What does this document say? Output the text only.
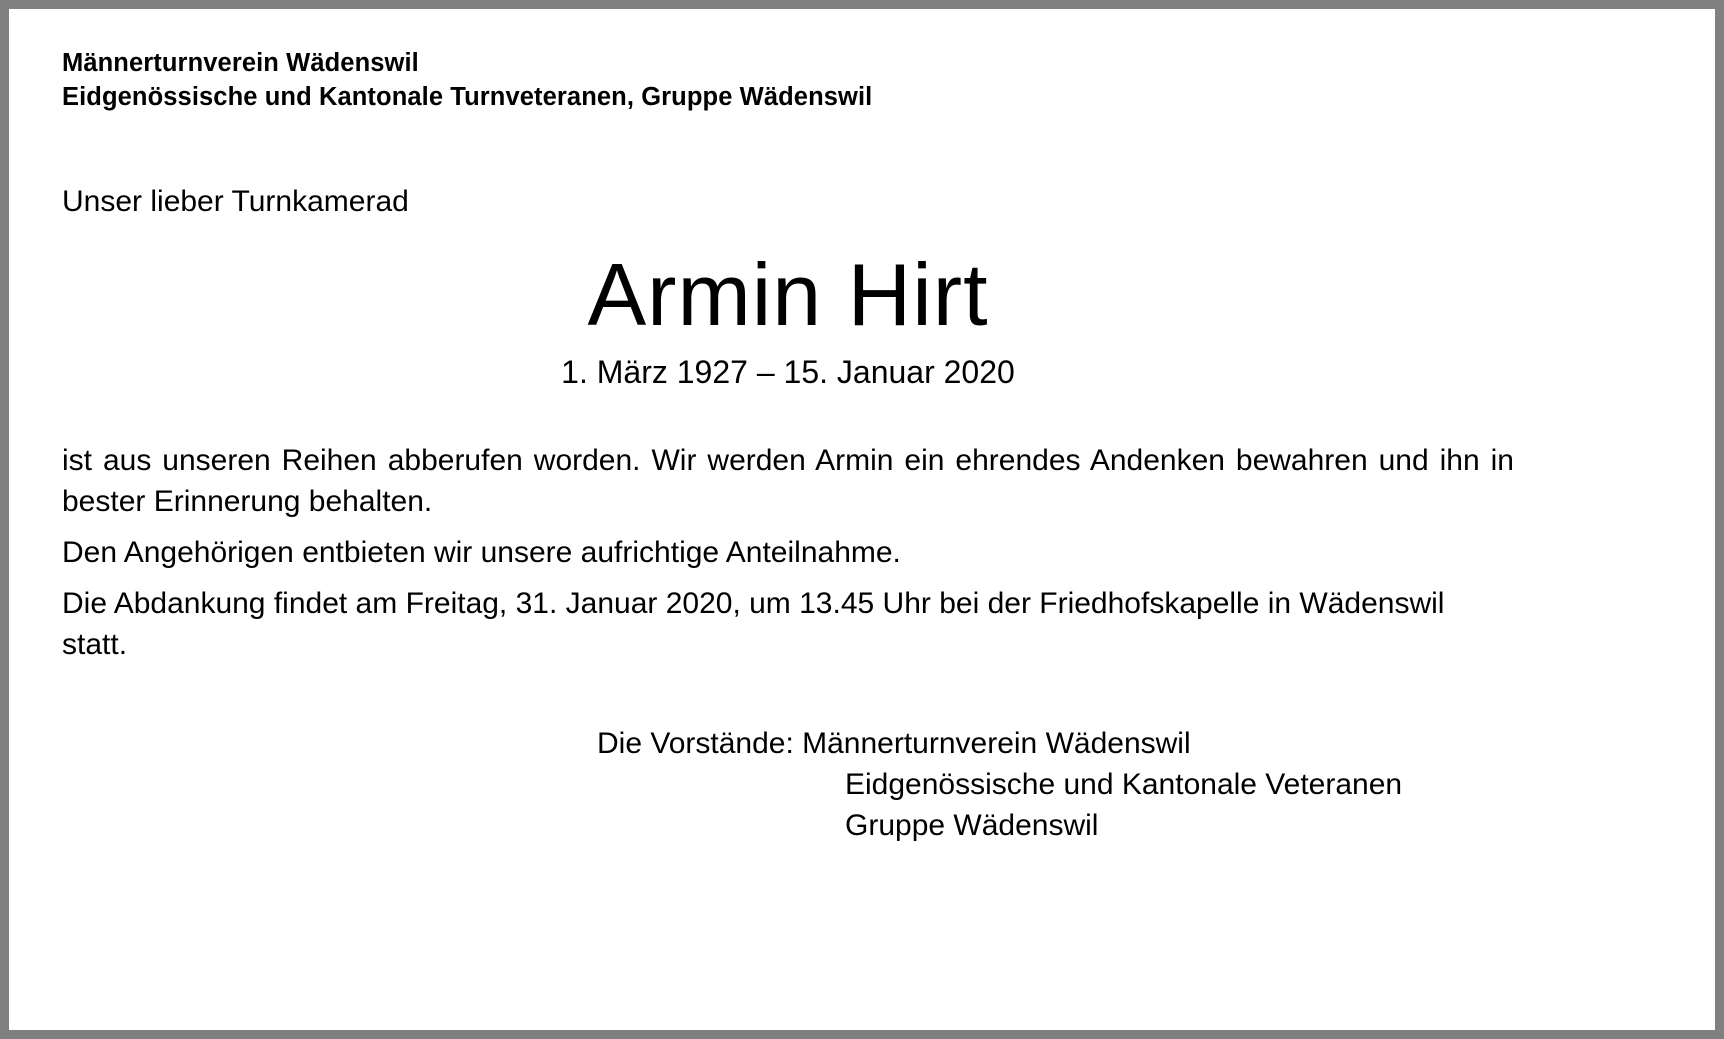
Männerturnverein Wädenswil
Eidgenössische und Kantonale Turnveteranen, Gruppe Wädenswil
Unser lieber Turnkamerad
Armin Hirt
1. März 1927 – 15. Januar 2020
ist aus unseren Reihen abberufen worden. Wir werden Armin ein ehrendes Andenken bewahren und ihn in bester Erinnerung behalten.
Den Angehörigen entbieten wir unsere aufrichtige Anteilnahme.
Die Abdankung findet am Freitag, 31. Januar 2020, um 13.45 Uhr bei der Friedhofskapelle in Wädenswil statt.
Die Vorstände: Männerturnverein Wädenswil
Eidgenössische und Kantonale Veteranen
Gruppe Wädenswil
